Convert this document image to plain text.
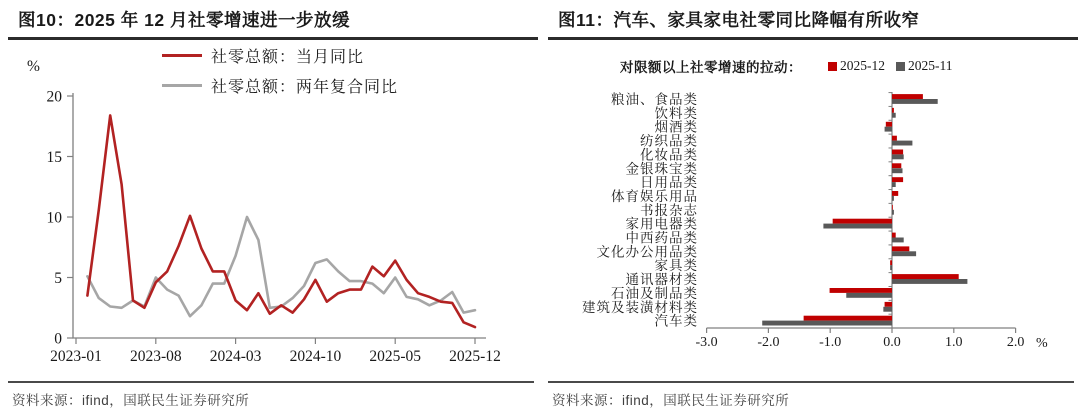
图10：2025 年 12 月社零增速进一步放缓
社零总额：当月同比
社零总额：两年复合同比
0
5
10
15
20
%
2023-01 2023-08 2024-03 2024-10 2025-05 2025-12
资料来源：ifind，国联民生证券研究所
图11：汽车、家具家电社零同比降幅有所收窄
对限额以上社零增速的拉动：	2025-12 2025-11
-3.0	-2.0	-1.0	0.0	1.0	2.0 %
粮油、食品类
饮料类
烟酒类
纺织品类
化妆品类
金银珠宝类
日用品类
体育娱乐用品
书报杂志
家用电器类
中西药品类
文化办公用品类
家具类
通讯器材类
石油及制品类
建筑及装潢材料类
汽车类
资料来源：ifind，国联民生证券研究所
